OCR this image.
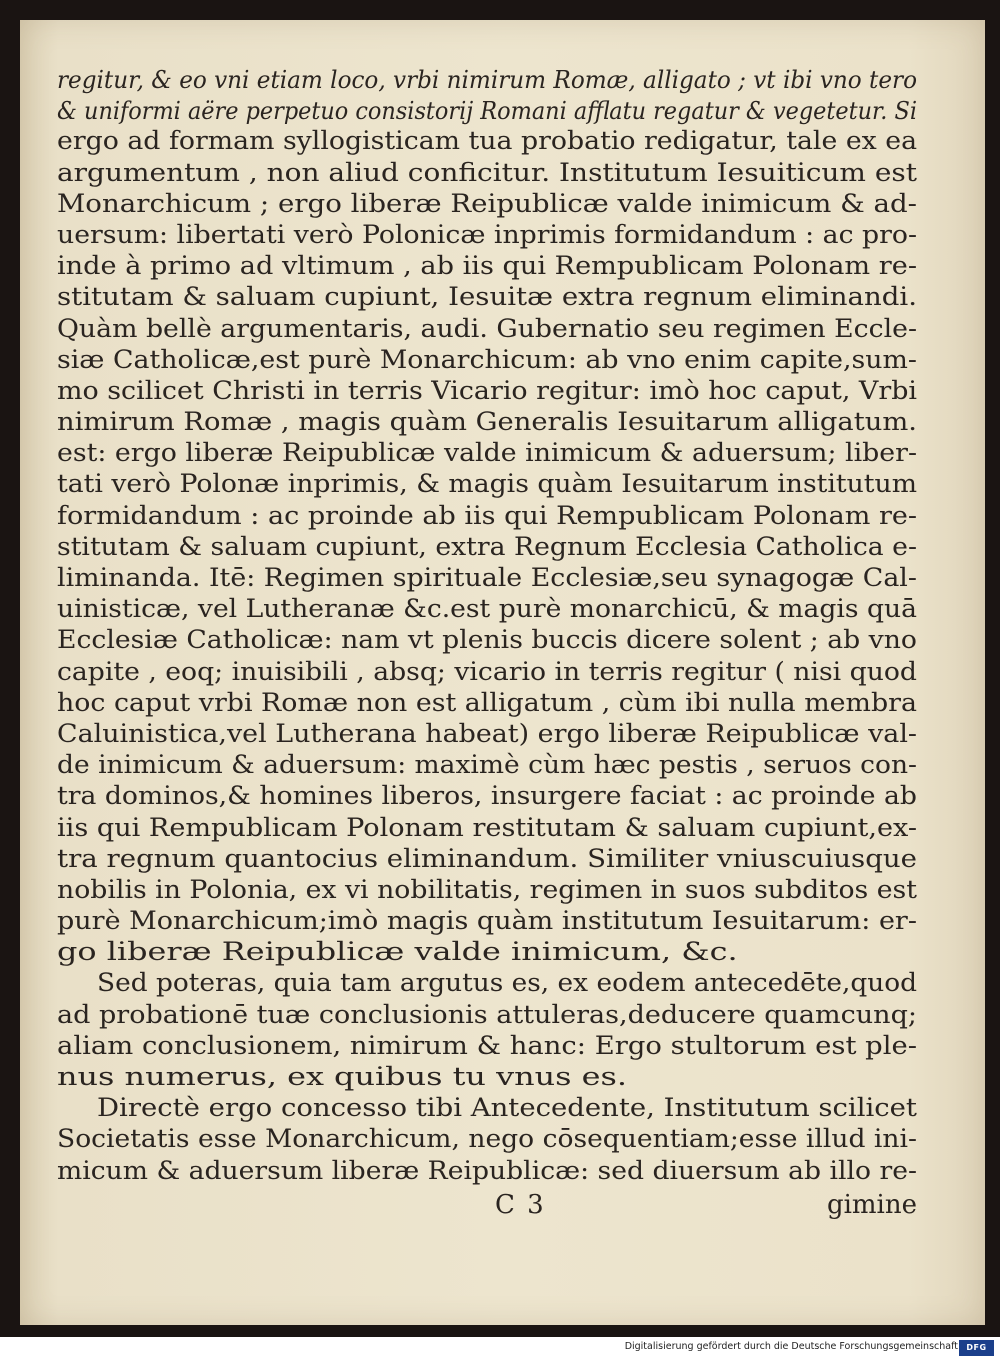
regitur, & eo vni etiam loco, vrbi nimirum Romæ, alligato ; vt ibi vno tero
& uniformi aëre perpetuo consistorij Romani afflatu regatur & vegetetur. Si
ergo ad formam syllogisticam tua probatio redigatur, tale ex ea
argumentum , non aliud conficitur. Institutum Iesuiticum est
Monarchicum ; ergo liberæ Reipublicæ valde inimicum & ad-
uersum: libertati verò Polonicæ inprimis formidandum : ac pro-
inde à primo ad vltimum , ab iis qui Rempublicam Polonam re-
stitutam & saluam cupiunt, Iesuitæ extra regnum eliminandi.
Quàm bellè argumentaris, audi. Gubernatio seu regimen Eccle-
siæ Catholicæ,est purè Monarchicum: ab vno enim capite,sum-
mo scilicet Christi in terris Vicario regitur: imò hoc caput, Vrbi
nimirum Romæ , magis quàm Generalis Iesuitarum alligatum.
est: ergo liberæ Reipublicæ valde inimicum & aduersum; liber-
tati verò Polonæ inprimis, & magis quàm Iesuitarum institutum
formidandum : ac proinde ab iis qui Rempublicam Polonam re-
stitutam & saluam cupiunt, extra Regnum Ecclesia Catholica e-
liminanda. Itē: Regimen spirituale Ecclesiæ,seu synagogæ Cal-
uinisticæ, vel Lutheranæ &c.est purè monarchicū, & magis quā
Ecclesiæ Catholicæ: nam vt plenis buccis dicere solent ; ab vno
capite , eoq; inuisibili , absq; vicario in terris regitur ( nisi quod
hoc caput vrbi Romæ non est alligatum , cùm ibi nulla membra
Caluinistica,vel Lutherana habeat) ergo liberæ Reipublicæ val-
de inimicum & aduersum: maximè cùm hæc pestis , seruos con-
tra dominos,& homines liberos, insurgere faciat : ac proinde ab
iis qui Rempublicam Polonam restitutam & saluam cupiunt,ex-
tra regnum quantocius eliminandum. Similiter vniuscuiusque
nobilis in Polonia, ex vi nobilitatis, regimen in suos subditos est
purè Monarchicum;imò magis quàm institutum Iesuitarum: er-
go liberæ Reipublicæ valde inimicum, &c.
Sed poteras, quia tam argutus es, ex eodem antecedēte,quod
ad probationē tuæ conclusionis attuleras,deducere quamcunq;
aliam conclusionem, nimirum & hanc: Ergo stultorum est ple-
nus numerus, ex quibus tu vnus es.
Directè ergo concesso tibi Antecedente, Institutum scilicet
Societatis esse Monarchicum, nego cōsequentiam;esse illud ini-
micum & aduersum liberæ Reipublicæ: sed diuersum ab illo re-
C 3	gimine
Digitalisierung gefördert durch die Deutsche Forschungsgemeinschaft	DFG
